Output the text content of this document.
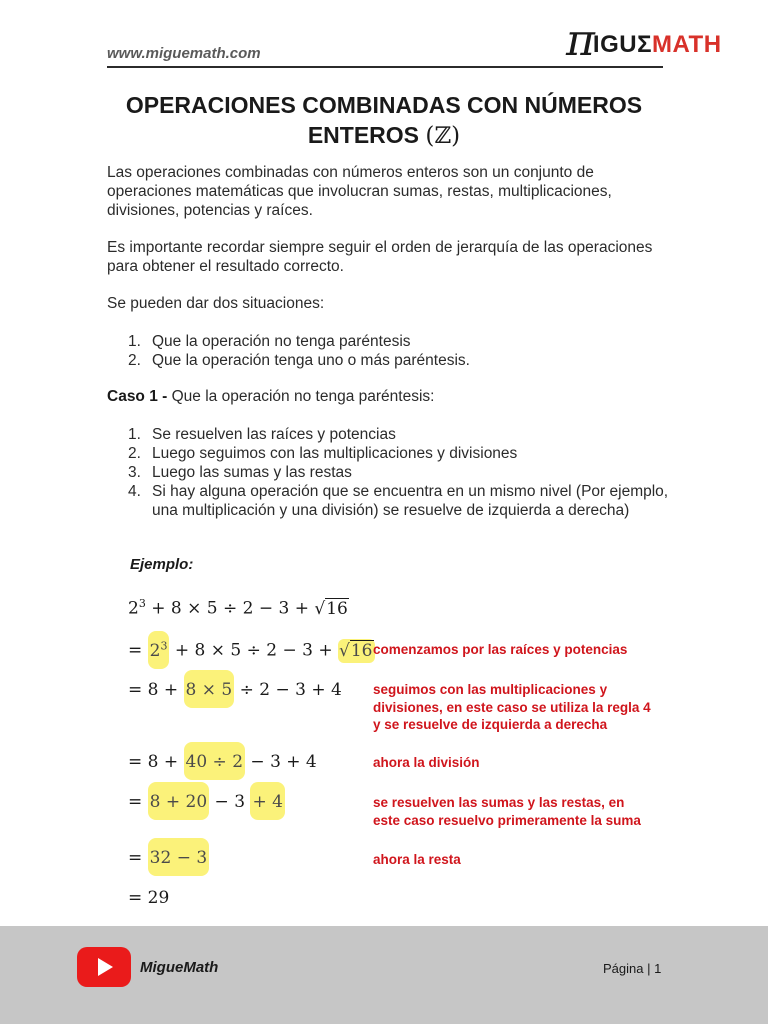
www.miguemath.com	π
IGUΣ MATH
OPERACIONES COMBINADAS CON NÚMEROS
ENTEROS (ℤ)
Las operaciones combinadas con números enteros son un conjunto de operaciones matemáticas que involucran sumas, restas, multiplicaciones, divisiones, potencias y raíces.
Es importante recordar siempre seguir el orden de jerarquía de las operaciones para obtener el resultado correcto.
Se pueden dar dos situaciones:
1. Que la operación no tenga paréntesis
2. Que la operación tenga uno o más paréntesis.
Caso 1 - Que la operación no tenga paréntesis:
1. Se resuelven las raíces y potencias
2. Luego seguimos con las multiplicaciones y divisiones
3. Luego las sumas y las restas
4. Si hay alguna operación que se encuentra en un mismo nivel (Por ejemplo, una multiplicación y una división) se resuelve de izquierda a derecha)
Ejemplo:
$2^3 + 8 \times 5 \div 2 - 3 + √16$
= $2^3 + 8 \times 5 \div 2 - 3 + √16$ comenzamos por las raíces y potencias
= 8 + 8 × 5 ÷ 2 − 3 + 4 seguimos con las multiplicaciones y
divisiones, en este caso se utiliza la regla 4
y se resuelve de izquierda a derecha
= 8 + 40 ÷ 2 − 3 + 4	ahora la división
= 8 + 20 − 3 + 4	se resuelven las sumas y las restas, en
este caso resuelvo primeramente la suma
= 32 − 3	ahora la resta
= 29
MigueMath	Página | 1
